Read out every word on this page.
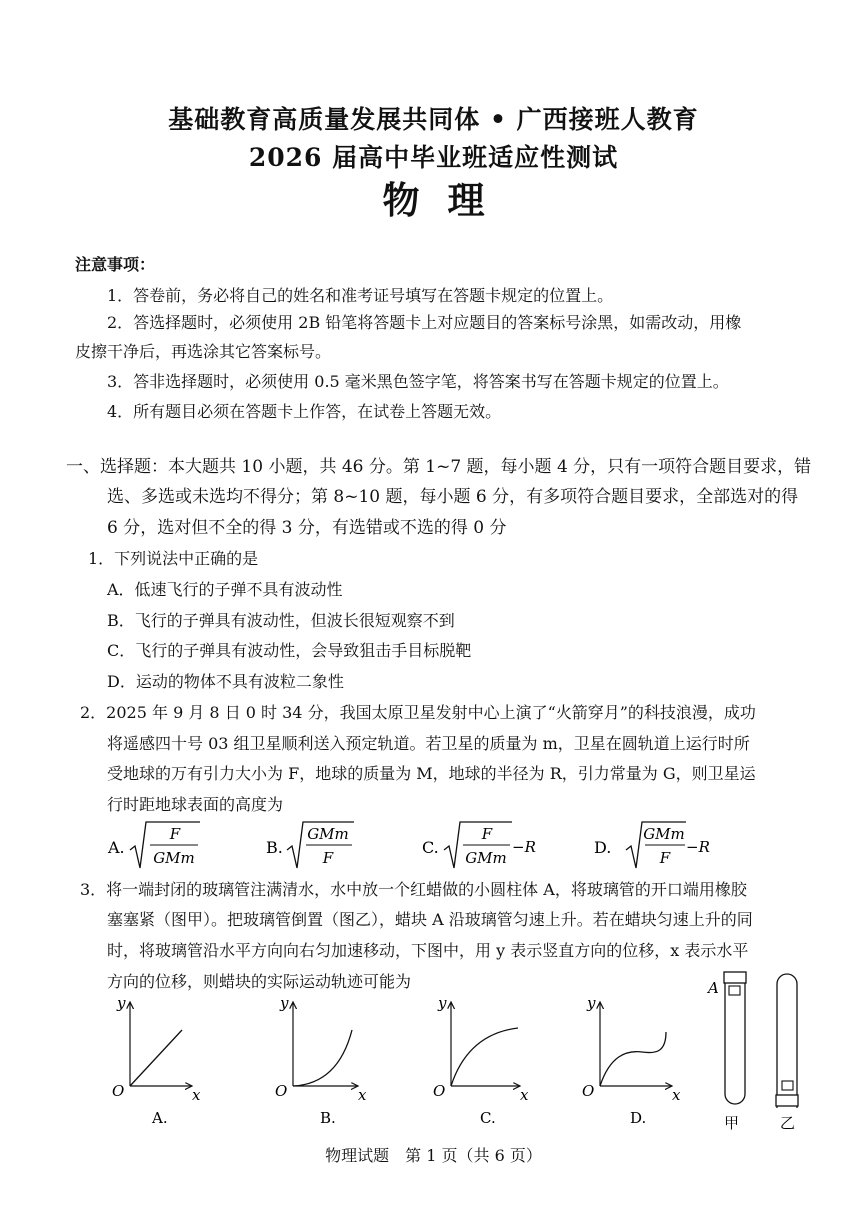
基础教育高质量发展共同体 • 广西接班人教育
2026 届高中毕业班适应性测试
物理
注意事项：
1．答卷前，务必将自己的姓名和准考证号填写在答题卡规定的位置上。
2．答选择题时，必须使用 2B 铅笔将答题卡上对应题目的答案标号涂黑，如需改动，用橡
皮擦干净后，再选涂其它答案标号。
3．答非选择题时，必须使用 0.5 毫米黑色签字笔，将答案书写在答题卡规定的位置上。
4．所有题目必须在答题卡上作答，在试卷上答题无效。
一、选择题：本大题共 10 小题，共 46 分。第 1~7 题，每小题 4 分，只有一项符合题目要求，错
选、多选或未选均不得分；第 8~10 题，每小题 6 分，有多项符合题目要求，全部选对的得
6 分，选对但不全的得 3 分，有选错或不选的得 0 分
1．下列说法中正确的是
A．低速飞行的子弹不具有波动性
B．飞行的子弹具有波动性，但波长很短观察不到
C．飞行的子弹具有波动性，会导致狙击手目标脱靶
D．运动的物体不具有波粒二象性
2．2025 年 9 月 8 日 0 时 34 分，我国太原卫星发射中心上演了“火箭穿月”的科技浪漫，成功
将遥感四十号 03 组卫星顺利送入预定轨道。若卫星的质量为 m，卫星在圆轨道上运行时所
受地球的万有引力大小为 F，地球的质量为 M，地球的半径为 R，引力常量为 G，则卫星运
行时距地球表面的高度为
A.
F
GMm
B.
GMm
F
C.
F
GMm
−R	D.
GMm
F
−R
3．将一端封闭的玻璃管注满清水，水中放一个红蜡做的小圆柱体 A，将玻璃管的开口端用橡胶
塞塞紧（图甲）。把玻璃管倒置（图乙），蜡块 A 沿玻璃管匀速上升。若在蜡块匀速上升的同
时，将玻璃管沿水平方向向右匀加速移动，下图中，用 y 表示竖直方向的位移，x 表示水平
方向的位移，则蜡块的实际运动轨迹可能为
y
O	x
A.
y
O	x
B.
y
O	x
C.
y
O	x
D.
A
甲	乙
物理试题　第 1 页（共 6 页）
